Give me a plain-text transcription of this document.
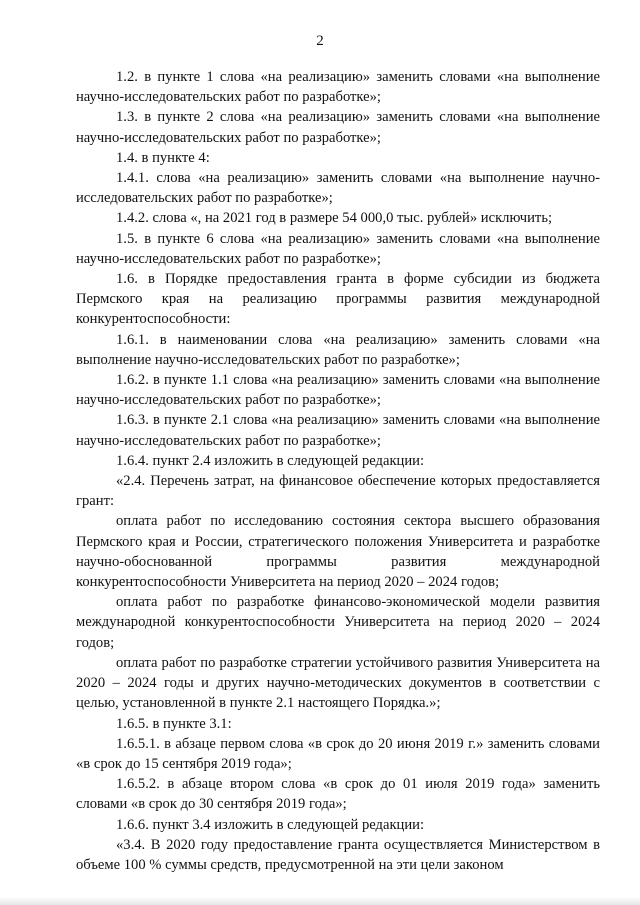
2

1.2. в пункте 1 слова «на реализацию» заменить словами «на выполнение научно-исследовательских работ по разработке»;

1.3. в пункте 2 слова «на реализацию» заменить словами «на выполнение научно-исследовательских работ по разработке»;

1.4. в пункте 4:

1.4.1. слова «на реализацию» заменить словами «на выполнение научно-исследовательских работ по разработке»;

1.4.2. слова «, на 2021 год в размере 54 000,0 тыс. рублей» исключить;

1.5. в пункте 6 слова «на реализацию» заменить словами «на выполнение научно-исследовательских работ по разработке»;

1.6. в Порядке предоставления гранта в форме субсидии из бюджета Пермского края на реализацию программы развития международной конкурентоспособности:

1.6.1. в наименовании слова «на реализацию» заменить словами «на выполнение научно-исследовательских работ по разработке»;

1.6.2. в пункте 1.1 слова «на реализацию» заменить словами «на выполнение научно-исследовательских работ по разработке»;

1.6.3. в пункте 2.1 слова «на реализацию» заменить словами «на выполнение научно-исследовательских работ по разработке»;

1.6.4. пункт 2.4 изложить в следующей редакции:

«2.4. Перечень затрат, на финансовое обеспечение которых предоставляется грант:

оплата работ по исследованию состояния сектора высшего образования Пермского края и России, стратегического положения Университета и разработке научно-обоснованной программы развития международной конкурентоспособности Университета на период 2020 – 2024 годов;

оплата работ по разработке финансово-экономической модели развития международной конкурентоспособности Университета на период 2020 – 2024 годов;

оплата работ по разработке стратегии устойчивого развития Университета на 2020 – 2024 годы и других научно-методических документов в соответствии с целью, установленной в пункте 2.1 настоящего Порядка.»;

1.6.5. в пункте 3.1:

1.6.5.1. в абзаце первом слова «в срок до 20 июня 2019 г.» заменить словами «в срок до 15 сентября 2019 года»;

1.6.5.2. в абзаце втором слова «в срок до 01 июля 2019 года» заменить словами «в срок до 30 сентября 2019 года»;

1.6.6. пункт 3.4 изложить в следующей редакции:

«3.4. В 2020 году предоставление гранта осуществляется Министерством в объеме 100 % суммы средств, предусмотренной на эти цели законом
